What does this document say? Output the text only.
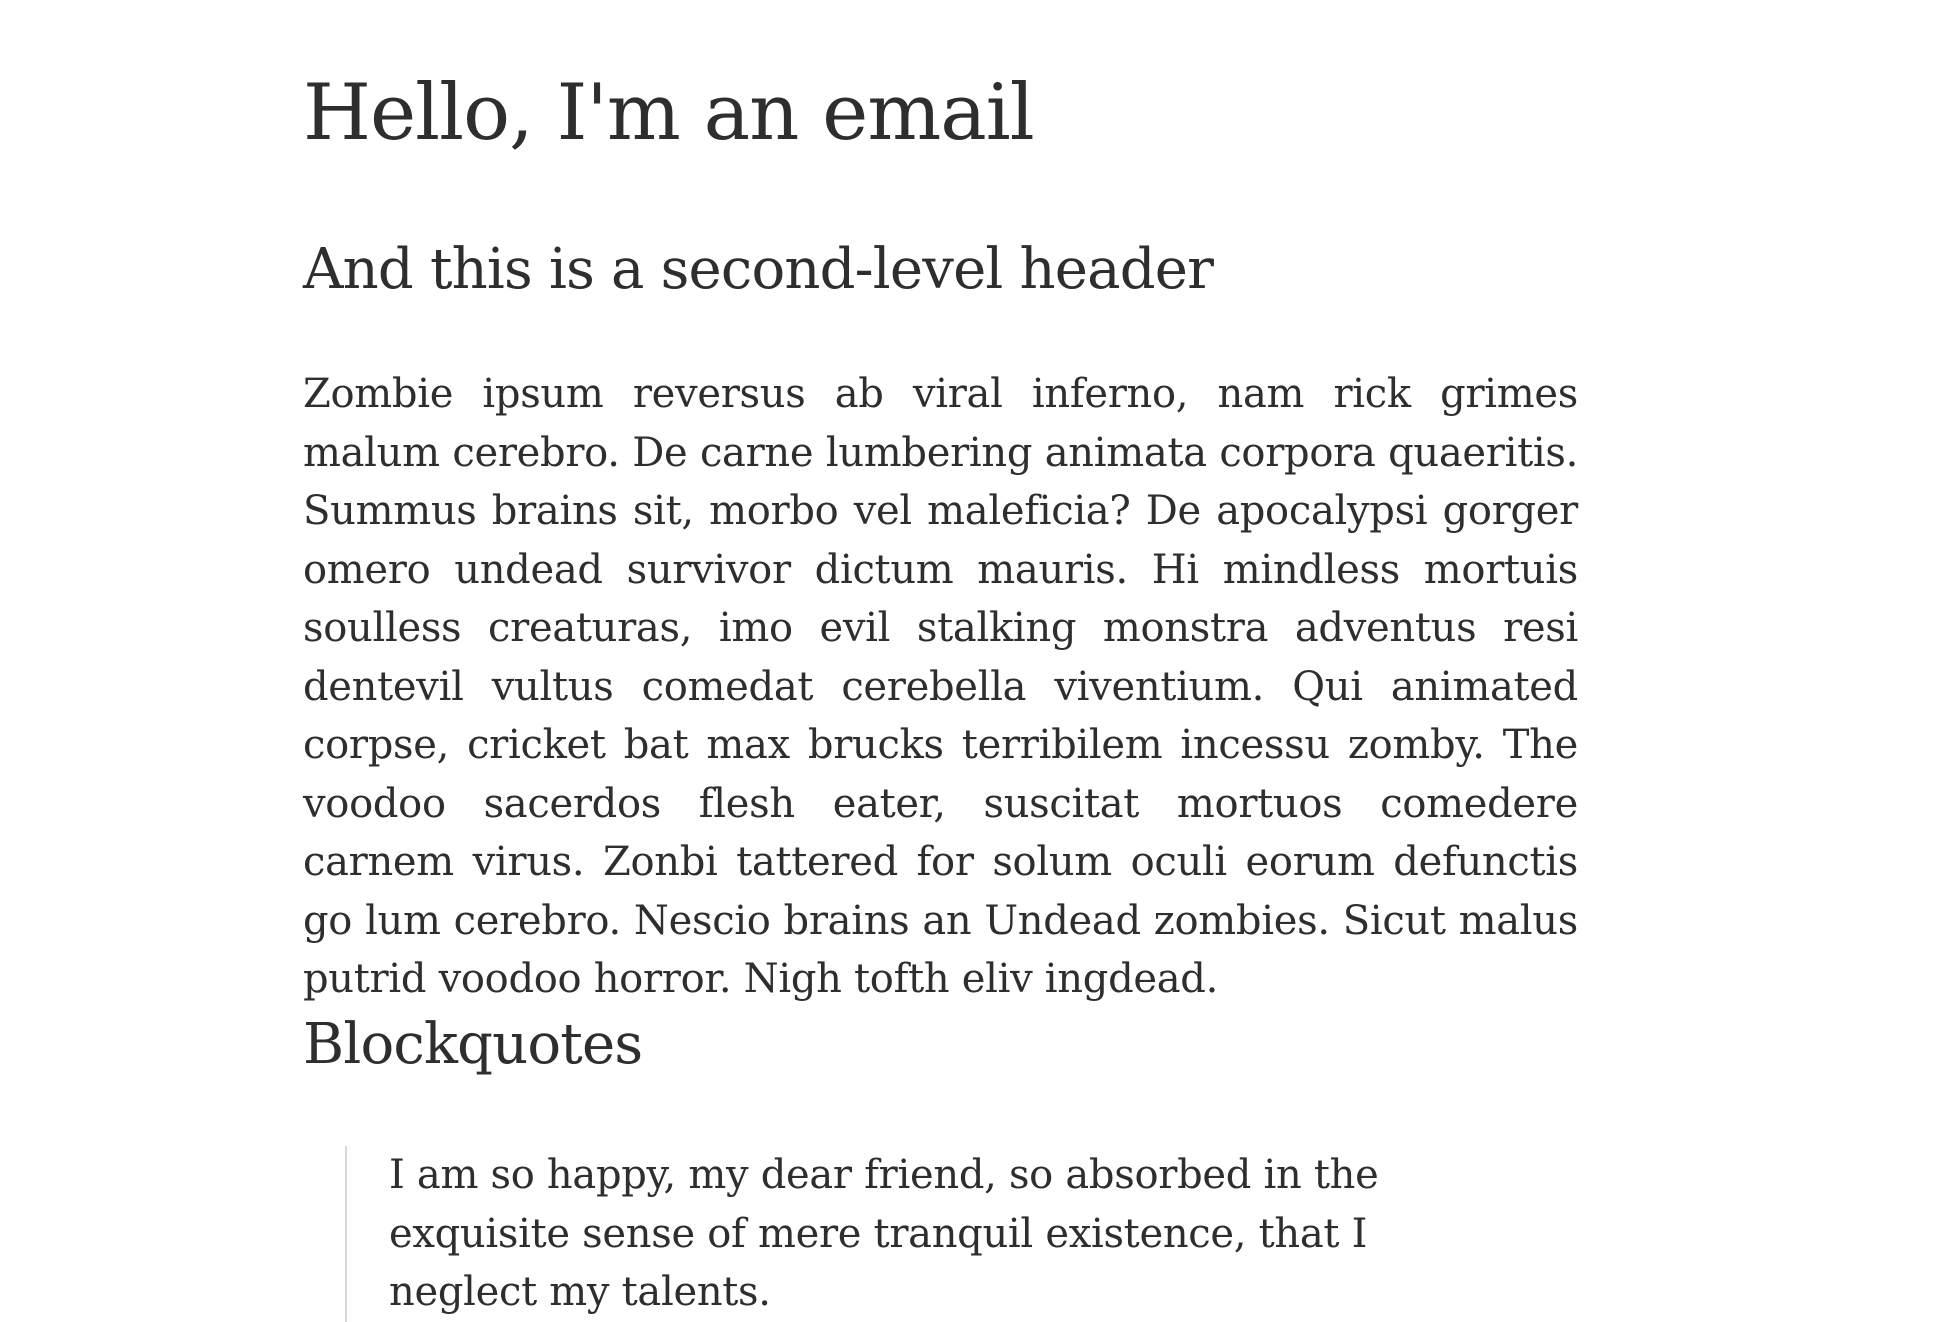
Hello, I'm an email
And this is a second-level header

Zombie ipsum reversus ab viral inferno, nam rick grimes malum cerebro. De carne lumbering animata corpora quaeritis. Summus brains sit, morbo vel maleficia? De apocalypsi gorger omero undead survivor dictum mauris. Hi mindless mortuis soulless creaturas, imo evil stalking monstra adventus resi dentevil vultus comedat cerebella viventium. Qui animated corpse, cricket bat max brucks terribilem incessu zomby. The voodoo sacerdos flesh eater, suscitat mortuos comedere carnem virus. Zonbi tattered for solum oculi eorum defunctis go lum cerebro. Nescio brains an Undead zombies. Sicut malus putrid voodoo horror. Nigh tofth eliv ingdead.

Blockquotes
I am so happy, my dear friend, so absorbed in the exquisite sense of mere tranquil existence, that I neglect my talents.
